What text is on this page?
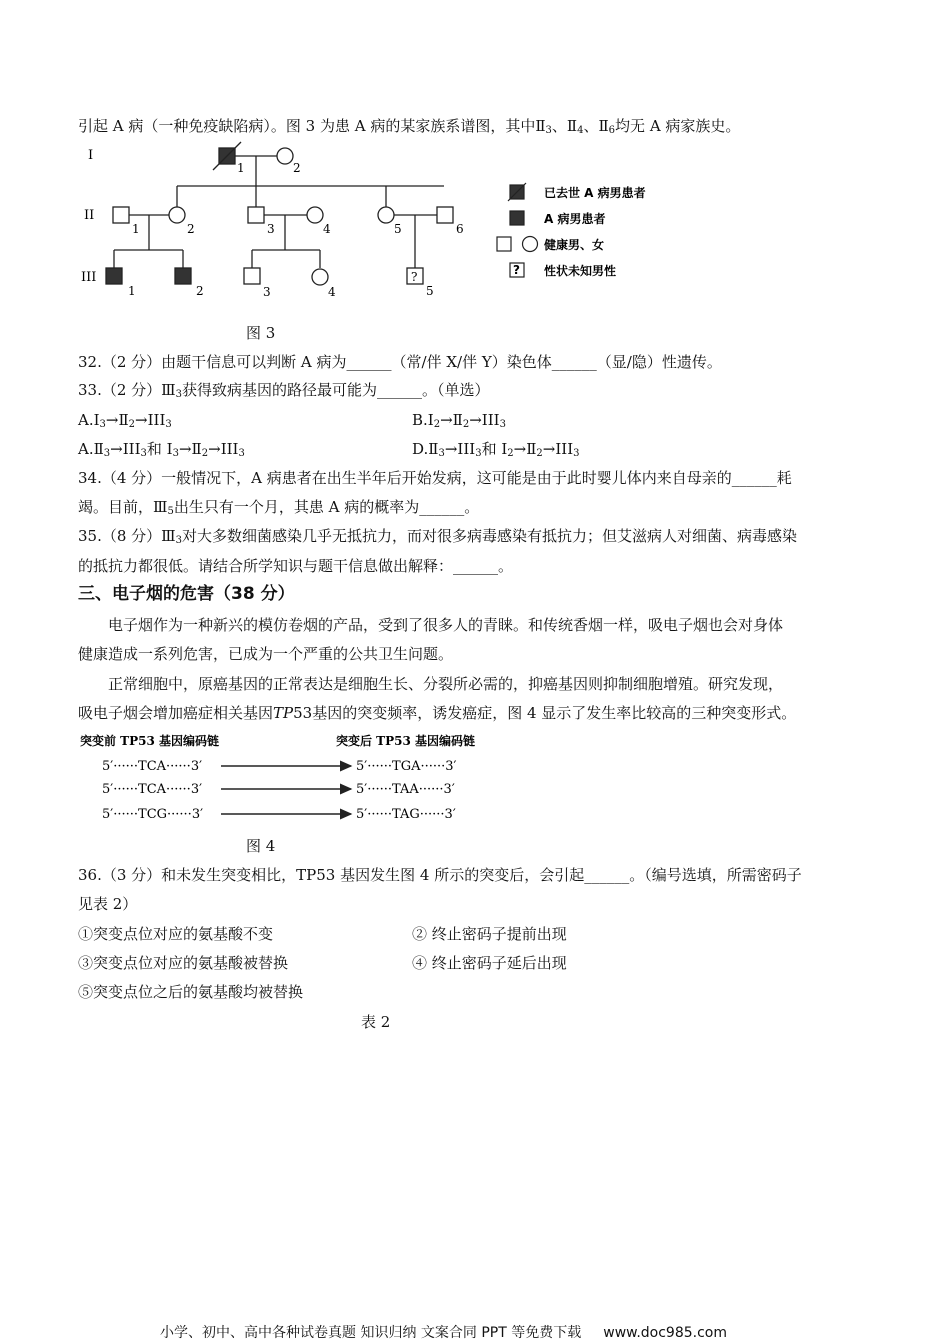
引起 A 病（一种免疫缺陷病）。图 3 为患 A 病的某家族系谱图，其中$Ⅱ_3$、$Ⅱ_4$、$Ⅱ_6$均无 A 病家族史。
?
I
II
III
1	2
1	2	3	4	5	6
1	2	3	4	5
?
已去世 A 病男患者
A 病男患者
健康男、女
性状未知男性
图 3
32.（2 分）由题干信息可以判断 A 病为______（常/伴 X/伴 Y）染色体______（显/隐）性遗传。
33.（2 分）$Ⅲ_3$获得致病基因的路径最可能为______。（单选）
$A.I_3\to Ⅱ_2\to III_3$	$B.I_2\to Ⅱ_2\to III_3$
$A.Ⅱ_3\to III_3$和 $I_3\to Ⅱ_2\to III_3$	$D.Ⅱ_3\to III_3$和 $I_2\to Ⅱ_2\to III_3$
34.（4 分）一般情况下，A 病患者在出生半年后开始发病，这可能是由于此时婴儿体内来自母亲的______耗
竭。目前，$Ⅲ_5$出生只有一个月，其患 A 病的概率为______。
35.（8 分）$Ⅲ_3$对大多数细菌感染几乎无抵抗力，而对很多病毒感染有抵抗力；但艾滋病人对细菌、病毒感染
的抵抗力都很低。请结合所学知识与题干信息做出解释：______。
三、电子烟的危害（38 分）
电子烟作为一种新兴的模仿卷烟的产品，受到了很多人的青睐。和传统香烟一样，吸电子烟也会对身体
健康造成一系列危害，已成为一个严重的公共卫生问题。
正常细胞中，原癌基因的正常表达是细胞生长、分裂所必需的，抑癌基因则抑制细胞增殖。研究发现，
吸电子烟会增加癌症相关基因TP53基因的突变频率，诱发癌症，图 4 显示了发生率比较高的三种突变形式。
突变前 TP53 基因编码链	突变后 TP53 基因编码链
5′······TCA······3′	5′······TGA······3′
5′······TCA······3′	5′······TAA······3′
5′······TCG······3′	5′······TAG······3′
图 4
36.（3 分）和未发生突变相比，TP53 基因发生图 4 所示的突变后，会引起______。（编号选填，所需密码子
见表 2）
①突变点位对应的氨基酸不变	② 终止密码子提前出现
③突变点位对应的氨基酸被替换	④ 终止密码子延后出现
⑤突变点位之后的氨基酸均被替换
表 2
小学、初中、高中各种试卷真题 知识归纳 文案合同 PPT 等免费下载 www.doc985.com
